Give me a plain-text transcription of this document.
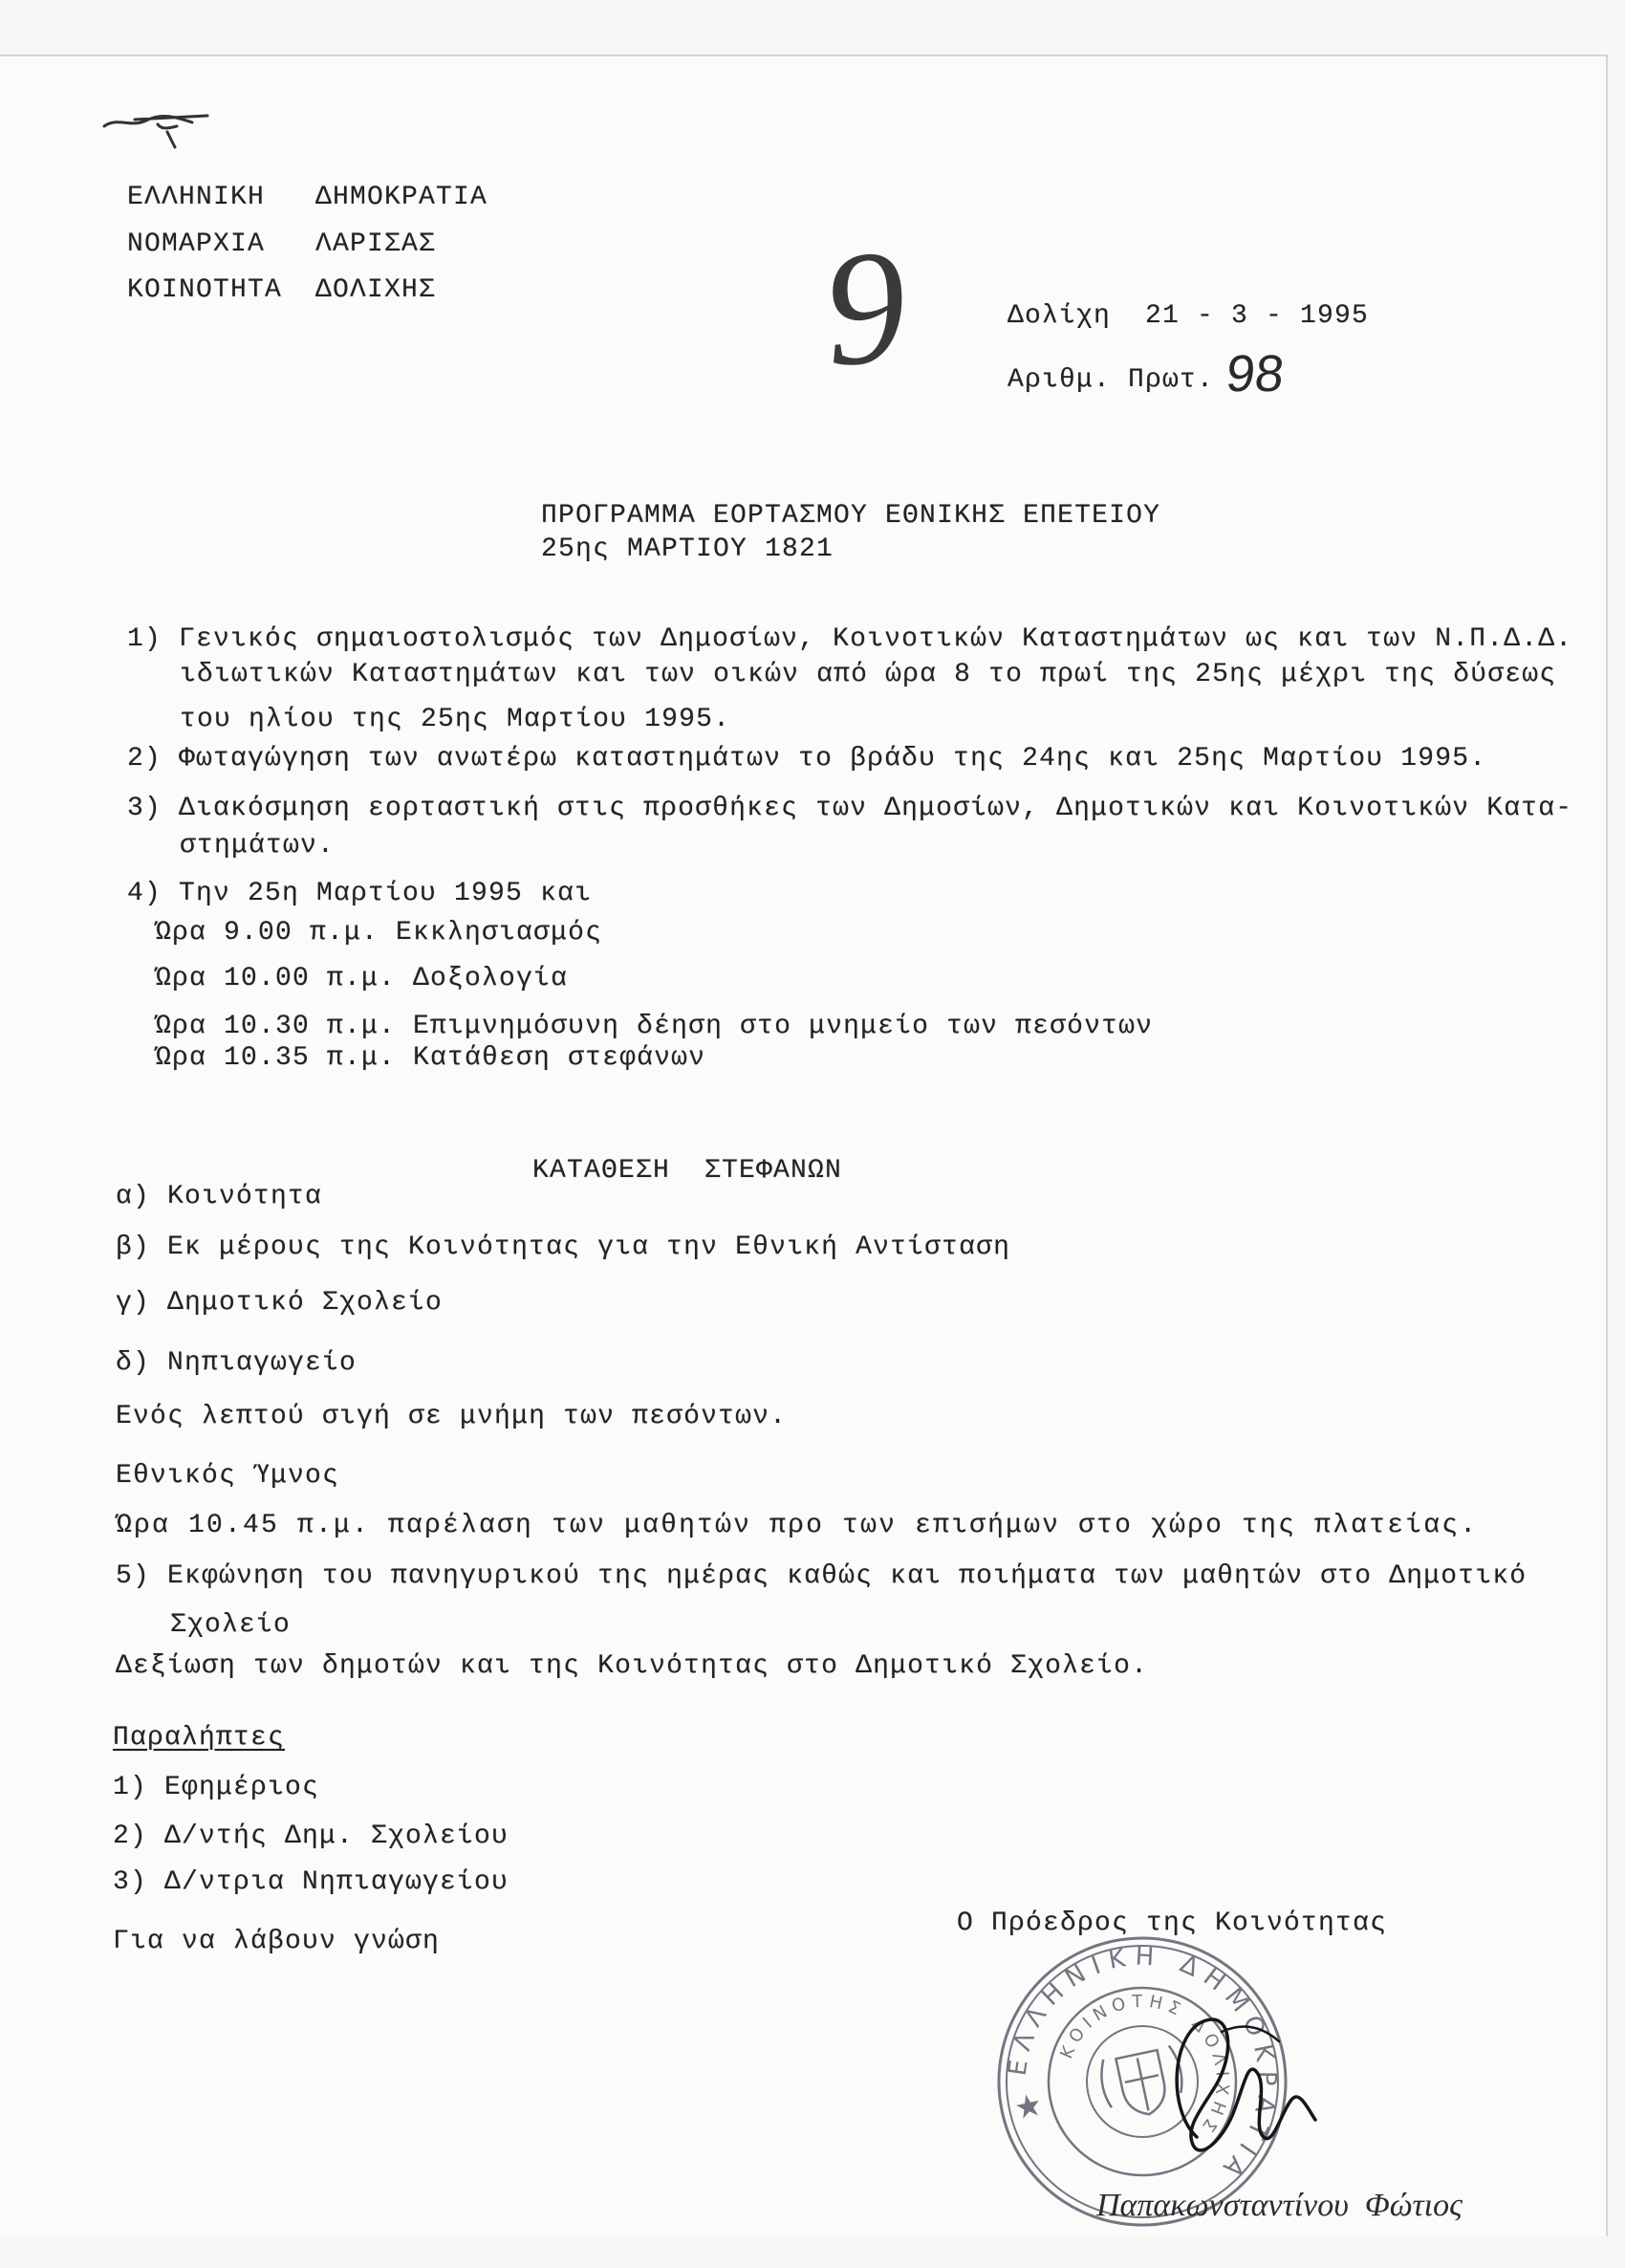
ΕΛΛΗΝΙΚΗ ΔΗΜΟΚΡΑΤΙΑ
ΝΟΜΑΡΧΙΑ ΛΑΡΙΣΑΣ
ΚΟΙΝΟΤΗΤΑ ΔΟΛΙΧΗΣ 9	Δολίχη  21 - 3 - 1995
Αριθμ. Πρωτ. 98
ΠΡΟΓΡΑΜΜΑ ΕΟΡΤΑΣΜΟΥ ΕΘΝΙΚΗΣ ΕΠΕΤΕΙΟΥ
25ης ΜΑΡΤΙΟΥ 1821
1) Γενικός σημαιοστολισμός των Δημοσίων, Κοινοτικών Καταστημάτων ως και των Ν.Π.Δ.Δ.
ιδιωτικών Καταστημάτων και των οικών από ώρα 8 το πρωί της 25ης μέχρι της δύσεως
του ηλίου της 25ης Μαρτίου 1995.
2) Φωταγώγηση των ανωτέρω καταστημάτων το βράδυ της 24ης και 25ης Μαρτίου 1995.
3) Διακόσμηση εορταστική στις προσθήκες των Δημοσίων, Δημοτικών και Κοινοτικών Κατα-
στημάτων.
4) Την 25η Μαρτίου 1995 και
Ώρα 9.00 π.μ. Εκκλησιασμός
Ώρα 10.00 π.μ. Δοξολογία
Ώρα 10.30 π.μ. Επιμνημόσυνη δέηση στο μνημείο των πεσόντων
Ώρα 10.35 π.μ. Κατάθεση στεφάνων
ΚΑΤΑΘΕΣΗ  ΣΤΕΦΑΝΩΝ
α) Κοινότητα
β) Εκ μέρους της Κοινότητας για την Εθνική Αντίσταση
γ) Δημοτικό Σχολείο
δ) Νηπιαγωγείο
Ενός λεπτού σιγή σε μνήμη των πεσόντων.
Εθνικός Ύμνος
Ώρα 10.45 π.μ. παρέλαση των μαθητών προ των επισήμων στο χώρο της πλατείας.
5) Εκφώνηση του πανηγυρικού της ημέρας καθώς και ποιήματα των μαθητών στο Δημοτικό
Σχολείο
Δεξίωση των δημοτών και της Κοινότητας στο Δημοτικό Σχολείο.
Παραλήπτες
1) Εφημέριος
2) Δ/ντής Δημ. Σχολείου
3) Δ/ντρια Νηπιαγωγείου
Για να λάβουν γνώση
Ο Πρόεδρος της Κοινότητας
ΕΛΛΗΝΙΚΗ ΔΗΜΟΚΡΑΤΙΑ
ΚΟΙΝΟΤΗΣ ΔΟΛΙΧΗΣ
Παπακωνσταντίνου  Φώτιος
